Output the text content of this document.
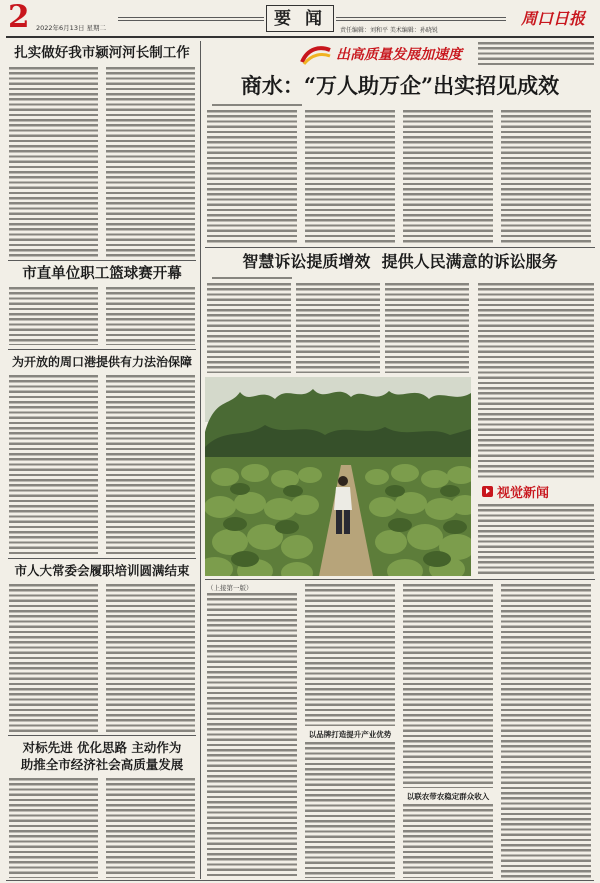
2 2022年6月13日 星期二	要 闻
责任编辑：刘和平 美术编辑：孙晓锐
周口日报
扎实做好我市颍河河长制工作
市直单位职工篮球赛开幕
为开放的周口港提供有力法治保障
市人大常委会履职培训圆满结束
对标先进 优化思路 主动作为
助推全市经济社会高质量发展
出高质量发展加速度
商水：“万人助万企”出实招见成效
智慧诉讼提质增效  提供人民满意的诉讼服务
视觉新闻
（上接第一版）
以品牌打造提升产业优势
以联农带农稳定群众收入
